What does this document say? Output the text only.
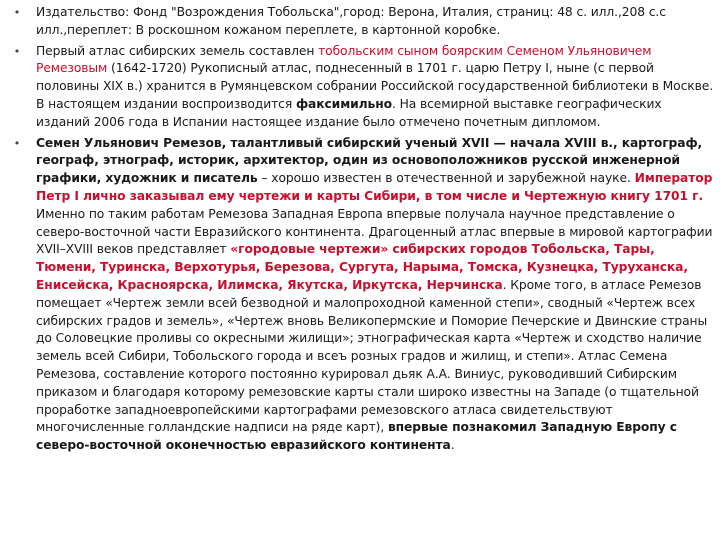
•	Издательство: Фонд "Возрождения Тобольска",город: Верона, Италия, страниц: 48 с. илл.,208 с.с илл.,переплет: В роскошном кожаном переплете, в картонной коробке.
•	Первый атлас сибирских земель составлен тобольским сыном боярским Семеном Ульяновичем Ремезовым (1642-1720) Рукописный атлас, поднесенный в 1701 г. царю Петру I, ныне (с первой половины XIX в.) хранится в Румянцевском собрании Российской государственной библиотеки в Москве. В настоящем издании воспроизводится факсимильно. На всемирной выставке географических изданий 2006 года в Испании настоящее издание было отмечено почетным дипломом.
•	Семен Ульянович Ремезов, талантливый сибирский ученый XVII — начала XVIII в., картограф, географ, этнограф, историк, архитектор, один из основоположников русской инженерной графики, художник и писатель – хорошо известен в отечественной и зарубежной науке. Император Петр I лично заказывал ему чертежи и карты Сибири, в том числе и Чертежную книгу 1701 г. Именно по таким работам Ремезова Западная Европа впервые получала научное представление о северо-восточной части Евразийского континента. Драгоценный атлас впервые в мировой картографии XVII–XVIII веков представляет «городовые чертежи» сибирских городов Тобольска, Тары, Тюмени, Туринска, Верхотурья, Березова, Сургута, Нарыма, Томска, Кузнецка, Туруханска, Енисейска, Красноярска, Илимска, Якутска, Иркутска, Нерчинска. Кроме того, в атласе Ремезов помещает «Чертеж земли всей безводной и малопроходной каменной степи», сводный «Чертеж всех сибирских градов и земель», «Чертеж вновь Великопермские и Поморие Печерские и Двинские страны до Соловецкие проливы со окресными жилищи»; этнографическая карта «Чертеж и сходство наличие земель всей Сибири, Тобольского города и всеъ розных градов и жилищ, и степи». Атлас Семена Ремезова, составление которого постоянно курировал дьяк А.А. Виниус, руководивший Сибирским приказом и благодаря которому ремезовские карты стали широко известны на Западе (о тщательной проработке западноевропейскими картографами ремезовского атласа свидетельствуют многочисленные голландские надписи на ряде карт), впервые познакомил Западную Европу с северо-восточной оконечностью евразийского континента.
